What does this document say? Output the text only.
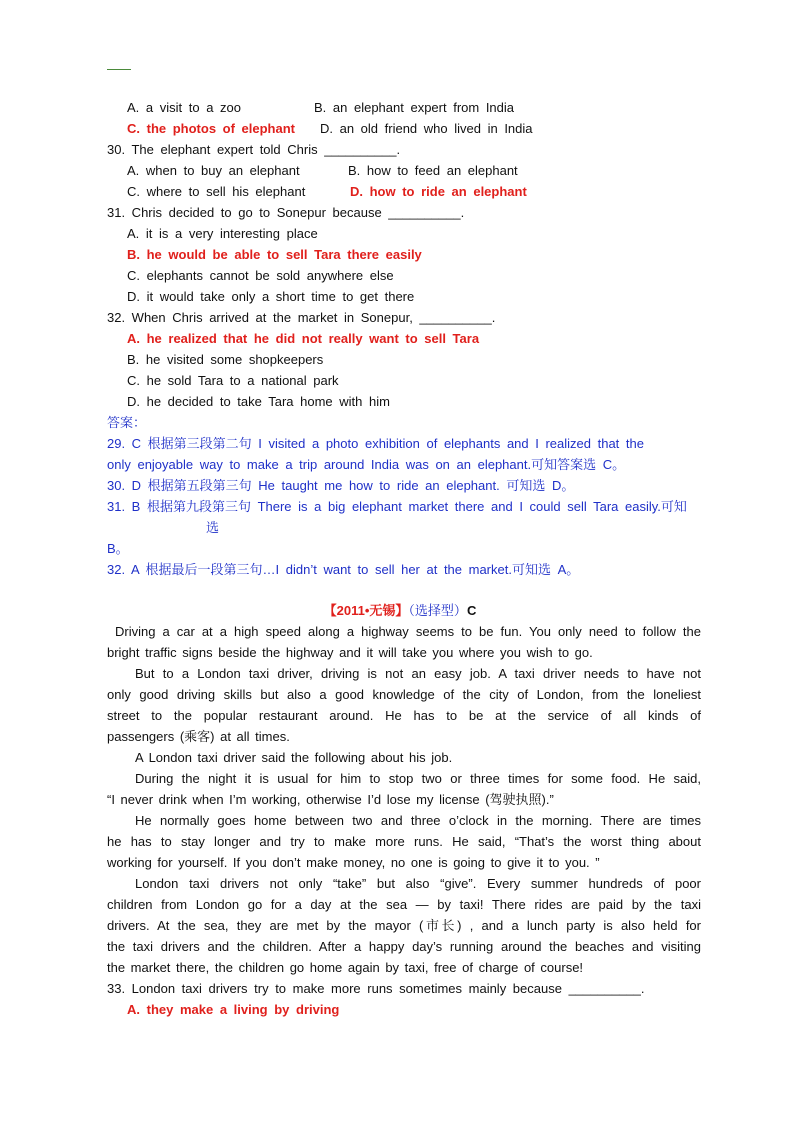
A. a visit to a zoo	B. an elephant expert from India
C. the photos of elephant D. an old friend who lived in India
30. The elephant expert told Chris __________.
A. when to buy an elephant	B. how to feed an elephant
C. where to sell his elephant	D. how to ride an elephant
31. Chris decided to go to Sonepur because __________.
A. it is a very interesting place
B. he would be able to sell Tara there easily
C. elephants cannot be sold anywhere else
D. it would take only a short time to get there
32. When Chris arrived at the market in Sonepur, __________.
A. he realized that he did not really want to sell Tara
B. he visited some shopkeepers
C. he sold Tara to a national park
D. he decided to take Tara home with him
答案：
29. C 根据第三段第二句 I visited a photo exhibition of elephants and I realized that the
only enjoyable way to make a trip around India was on an elephant.可知答案选 C。
30. D 根据第五段第三句 He taught me how to ride an elephant. 可知选 D。
31. B 根据第九段第三句 There is a big elephant market there and I could sell Tara easily.可知
选
B。
32. A 根据最后一段第三句…I didn’t want to sell her at the market.可知选 A。
【2011•无锡】（选择型）C
Driving a car at a high speed along a highway seems to be fun. You only need to follow the
bright traffic signs beside the highway and it will take you where you wish to go.
But to a London taxi driver, driving is not an easy job. A taxi driver needs to have not
only good driving skills but also a good knowledge of the city of London, from the loneliest
street to the popular restaurant around. He has to be at the service of all kinds of
passengers (乘客) at all times.
A London taxi driver said the following about his job.
During the night it is usual for him to stop two or three times for some food. He said,
“I never drink when I’m working, otherwise I’d lose my license (驾驶执照).”
He normally goes home between two and three o’clock in the morning. There are times
he has to stay longer and try to make more runs. He said, “That’s the worst thing about
working for yourself. If you don’t make money, no one is going to give it to you. ”
London taxi drivers not only “take” but also “give”. Every summer hundreds of poor
children from London go for a day at the sea — by taxi! There rides are paid by the taxi
drivers. At the sea, they are met by the mayor (市长) , and a lunch party is also held for
the taxi drivers and the children. After a happy day’s running around the beaches and visiting
the market there, the children go home again by taxi, free of charge of course!
33. London taxi drivers try to make more runs sometimes mainly because __________.
A. they make a living by driving
